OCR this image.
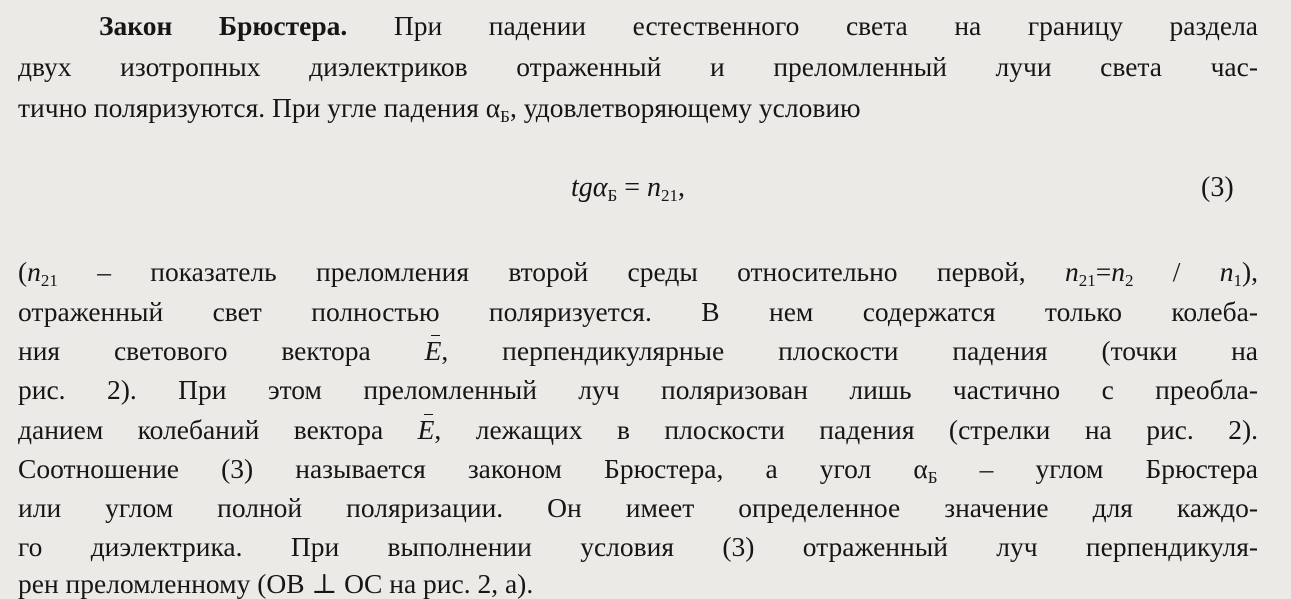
Закон Брюстера. При падении естественного света на границу раздела
двух изотропных диэлектриков отраженный и преломленный лучи света час-
тично поляризуются. При угле падения $\alpha_Б$, удовлетворяющему условию
$tg\alpha_Б = n_{21}$,	(3)
($n_{21}$ – показатель преломления второй среды относительно первой, $n_{21}=n_2 / n_1$),
отраженный свет полностью поляризуется. В нем содержатся только колеба-
ния светового вектора E, перпендикулярные плоскости падения (точки на
рис. 2). При этом преломленный луч поляризован лишь частично с преобла-
данием колебаний вектора E, лежащих в плоскости падения (стрелки на рис. 2).
Соотношение (3) называется законом Брюстера, а угол $\alpha_Б$ – углом Брюстера
или углом полной поляризации. Он имеет определенное значение для каждо-
го диэлектрика. При выполнении условия (3) отраженный луч перпендикуля-
рен преломленному (OB ⊥ OC на рис. 2, а).
